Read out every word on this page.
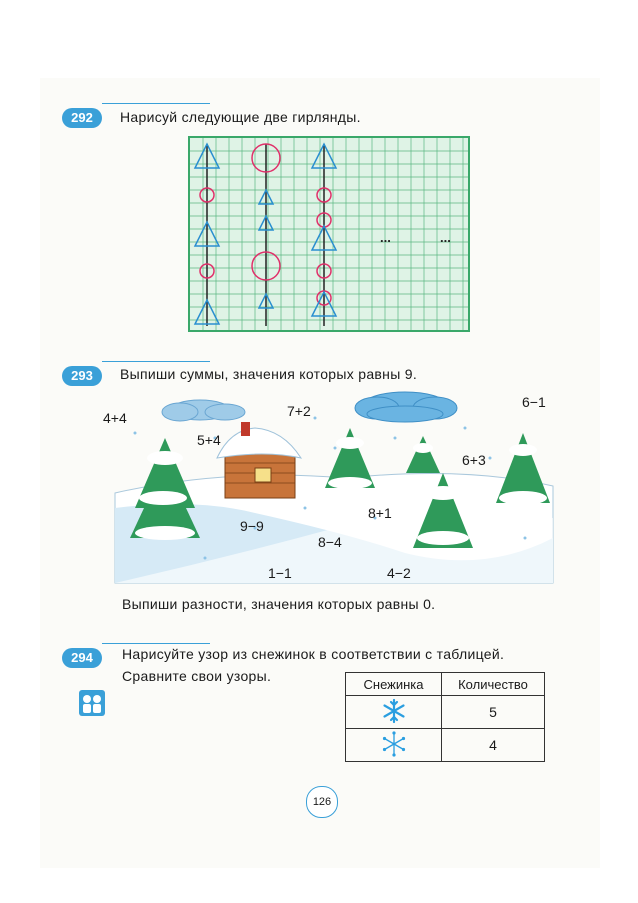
292	Нарисуй следующие две гирлянды.
...	...
293	Выпиши суммы, значения которых равны 9.
4+4	7+2
6−1
5+4
6+3
8+1
9−9
8−4
1−1	4−2
Выпиши разности, значения которых равны 0.
294	Нарисуйте узор из снежинок в соответствии с таблицей.
Сравните свои узоры.	Снежинка	Количество
	5
	4
126
